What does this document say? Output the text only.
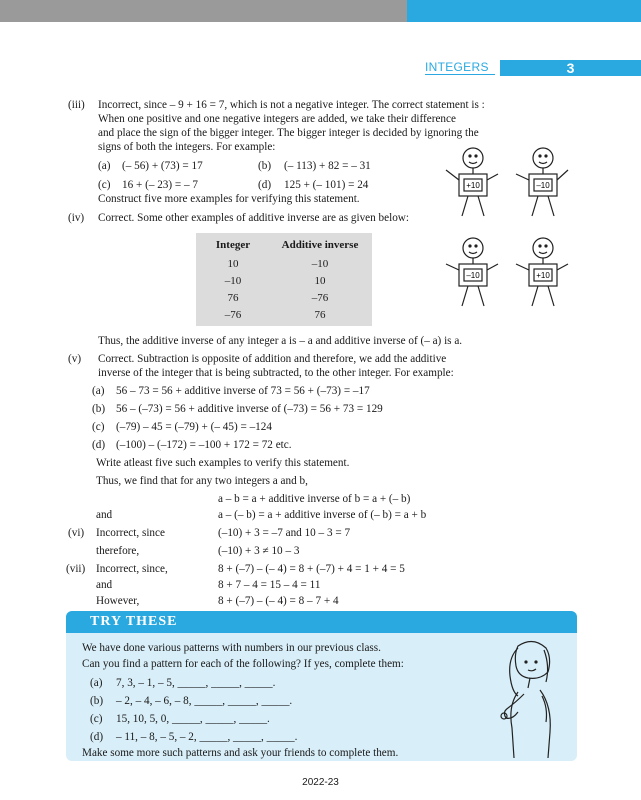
INTEGERS	3
(iii) Incorrect, since – 9 + 16 = 7, which is not a negative integer. The correct statement is :
When one positive and one negative integers are added, we take their difference
and place the sign of the bigger integer. The bigger integer is decided by ignoring the
signs of both the integers. For example:
(a) (– 56) + (73) = 17	(b) (– 113) + 82 = – 31
(c) 16 + (– 23) = – 7	(d) 125 + (– 101) = 24
Construct five more examples for verifying this statement.
(iv) Correct. Some other examples of additive inverse are as given below:
Integer	Additive inverse
10	–10
–10	10
76	–76
–76	76
Thus, the additive inverse of any integer a is – a and additive inverse of (– a) is a.
+10	–10
–10	+10
(v) Correct. Subtraction is opposite of addition and therefore, we add the additive
inverse of the integer that is being subtracted, to the other integer. For example:
(a) 56 – 73 = 56 + additive inverse of 73 = 56 + (–73) = –17
(b) 56 – (–73) = 56 + additive inverse of (–73) = 56 + 73 = 129
(c) (–79) – 45 = (–79) + (– 45) = –124
(d) (–100) – (–172) = –100 + 172 = 72 etc.
Write atleast five such examples to verify this statement.
Thus, we find that for any two integers a and b,
a – b = a + additive inverse of b = a + (– b)
and	a – (– b) = a + additive inverse of (– b) = a + b
(vi) Incorrect, since	(–10) + 3 = –7 and 10 – 3 = 7
therefore,	(–10) + 3 ≠ 10 – 3
(vii) Incorrect, since,	8 + (–7) – (– 4) = 8 + (–7) + 4 = 1 + 4 = 5
and	8 + 7 – 4 = 15 – 4 = 11
However,	8 + (–7) – (– 4) = 8 – 7 + 4
TRY THESE
We have done various patterns with numbers in our previous class.
Can you find a pattern for each of the following? If yes, complete them:
(a) 7, 3, – 1, – 5, _____, _____, _____.
(b) – 2, – 4, – 6, – 8, _____, _____, _____.
(c) 15, 10, 5, 0, _____, _____, _____.
(d) – 11, – 8, – 5, – 2, _____, _____, _____.
Make some more such patterns and ask your friends to complete them.
2022-23
